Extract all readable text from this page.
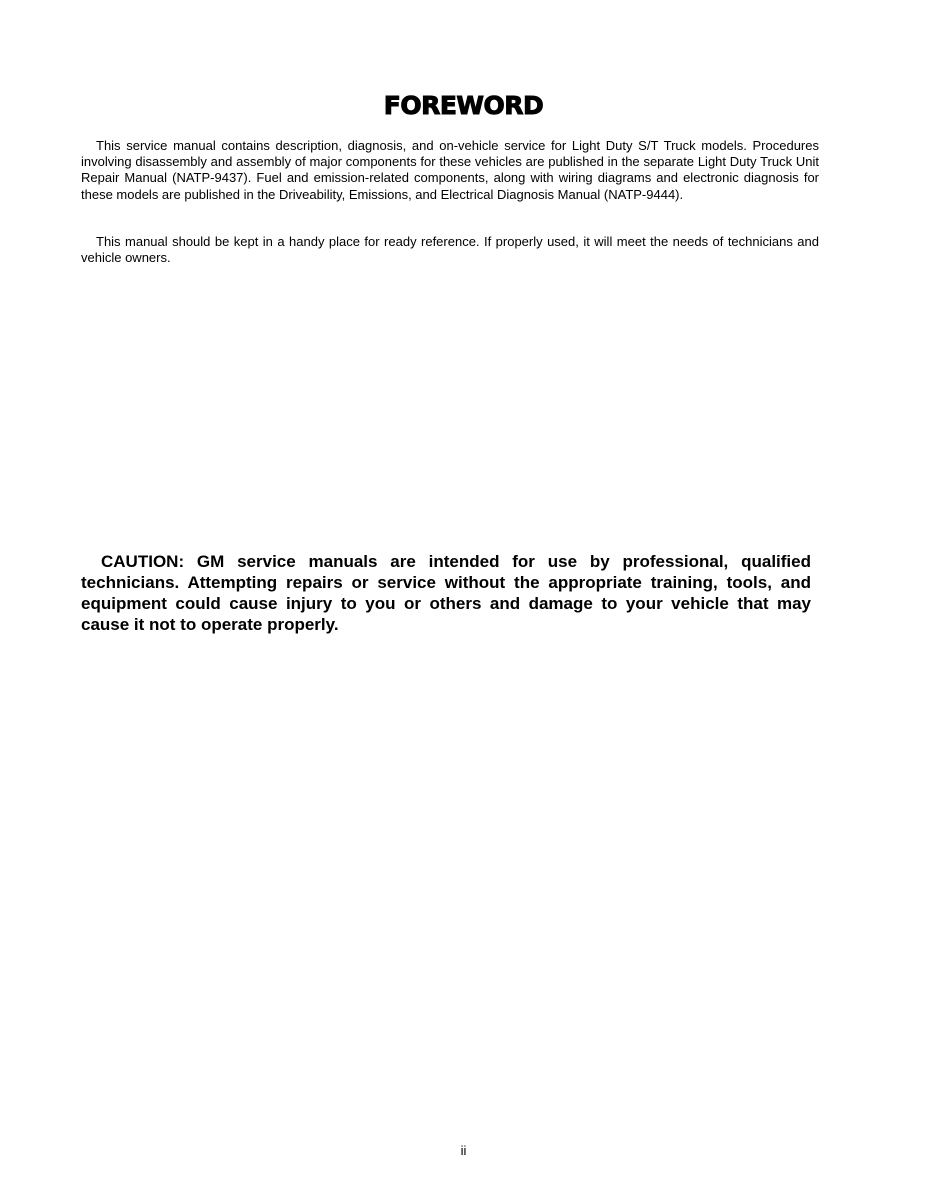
FOREWORD

This service manual contains description, diagnosis, and on-vehicle service for Light Duty S/T Truck models. Procedures involving disassembly and assembly of major components for these vehicles are published in the separate Light Duty Truck Unit Repair Manual (NATP-9437). Fuel and emission-related components, along with wiring diagrams and electronic diagnosis for these models are published in the Driveability, Emissions, and Electrical Diagnosis Manual (NATP-9444).

This manual should be kept in a handy place for ready reference. If properly used, it will meet the needs of technicians and vehicle owners.

CAUTION: GM service manuals are intended for use by professional, qualified technicians. Attempting repairs or service without the appropriate training, tools, and equipment could cause injury to you or others and damage to your vehicle that may cause it not to operate properly.

ii
